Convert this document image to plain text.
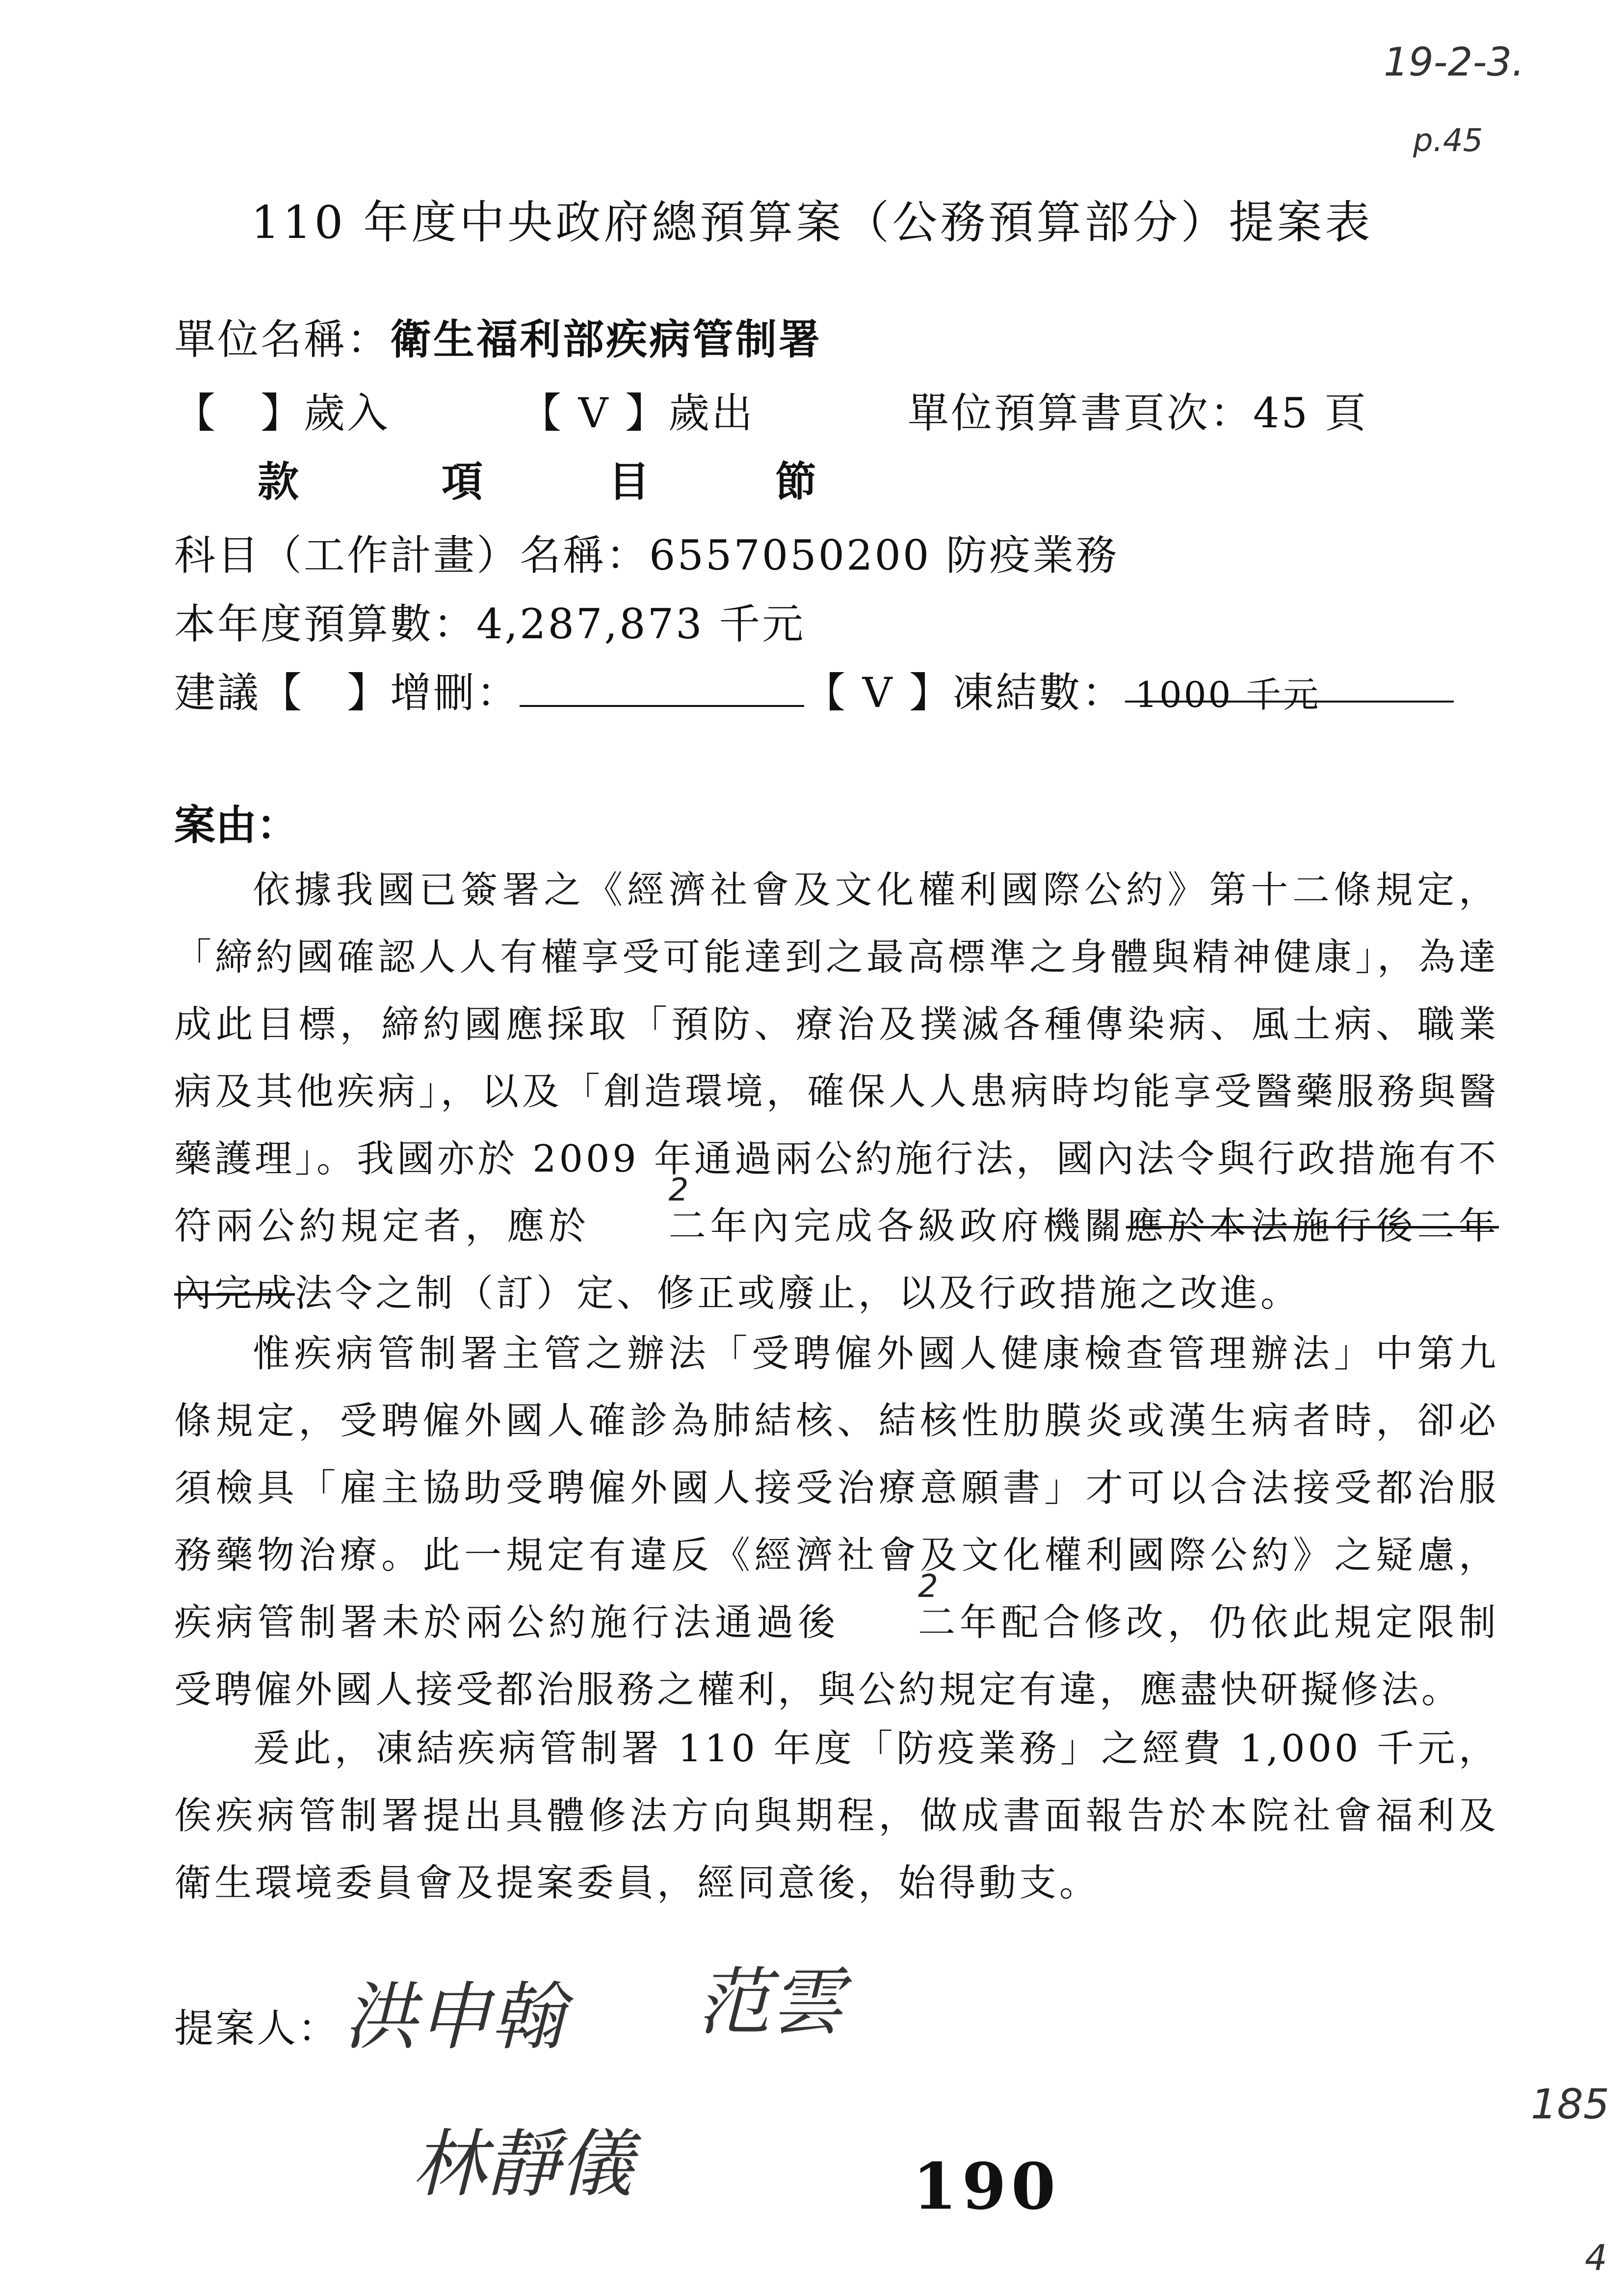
19-2-3.
p.45
110 年度中央政府總預算案（公務預算部分）提案表
單位名稱：衛生福利部疾病管制署
【　】歲入	【 V 】歲出	單位預算書頁次：45 頁
款	項	目	節
科目（工作計畫）名稱：6557050200 防疫業務
本年度預算數：4,287,873 千元
建議【　】增刪：	【 V 】凍結數： 1000 千元
案由：
依據我國已簽署之《經濟社會及文化權利國際公約》第十二條規定，「締約國確認人人有權享受可能達到之最高標準之身體與精神健康」，為達成此目標，締約國應採取「預防、療治及撲滅各種傳染病、風土病、職業病及其他疾病」，以及「創造環境，確保人人患病時均能享受醫藥服務與醫藥護理」。我國亦於 2009 年通過兩公約施行法，國內法令與行政措施有不符兩公約規定者，應於
2
二年內完成各級政府機關應於本法施行後二年內完成法令之制（訂）定、修正或廢止，以及行政措施之改進。
惟疾病管制署主管之辦法「受聘僱外國人健康檢查管理辦法」中第九條規定，受聘僱外國人確診為肺結核、結核性肋膜炎或漢生病者時，卻必須檢具「雇主協助受聘僱外國人接受治療意願書」才可以合法接受都治服務藥物治療。此一規定有違反《經濟社會及文化權利國際公約》之疑慮，疾病管制署未於兩公約施行法通過後
2
二年配合修改，仍依此規定限制受聘僱外國人接受都治服務之權利，與公約規定有違，應盡快研擬修法。
爰此，凍結疾病管制署 110 年度「防疫業務」之經費 1,000 千元，俟疾病管制署提出具體修法方向與期程，做成書面報告於本院社會福利及衛生環境委員會及提案委員，經同意後，始得動支。
提案人： 洪申翰 范雲
林靜儀	190
185
4
